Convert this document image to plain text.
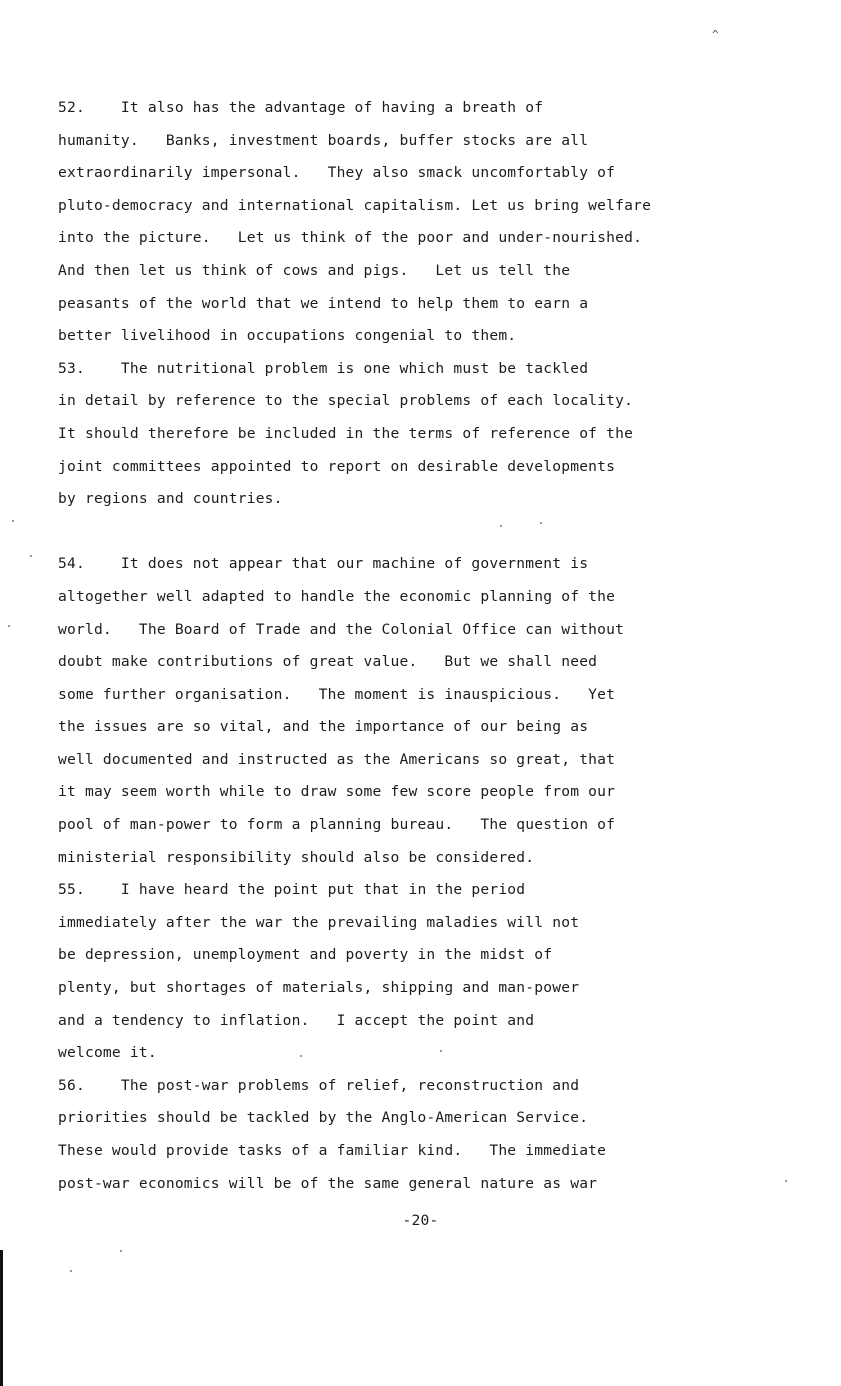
^
52.    It also has the advantage of having a breath of
humanity.   Banks, investment boards, buffer stocks are all
extraordinarily impersonal.   They also smack uncomfortably of
pluto-democracy and international capitalism. Let us bring welfare
into the picture.   Let us think of the poor and under-nourished.
And then let us think of cows and pigs.   Let us tell the
peasants of the world that we intend to help them to earn a
better livelihood in occupations congenial to them.
53.    The nutritional problem is one which must be tackled
in detail by reference to the special problems of each locality.
It should therefore be included in the terms of reference of the
joint committees appointed to report on desirable developments
by regions and countries.
54.    It does not appear that our machine of government is
altogether well adapted to handle the economic planning of the
world.   The Board of Trade and the Colonial Office can without
doubt make contributions of great value.   But we shall need
some further organisation.   The moment is inauspicious.   Yet
the issues are so vital, and the importance of our being as
well documented and instructed as the Americans so great, that
it may seem worth while to draw some few score people from our
pool of man-power to form a planning bureau.   The question of
ministerial responsibility should also be considered.
55.    I have heard the point put that in the period
immediately after the war the prevailing maladies will not
be depression, unemployment and poverty in the midst of
plenty, but shortages of materials, shipping and man-power
and a tendency to inflation.   I accept the point and
welcome it.
56.    The post-war problems of relief, reconstruction and
priorities should be tackled by the Anglo-American Service.
These would provide tasks of a familiar kind.   The immediate
post-war economics will be of the same general nature as war
-20-
